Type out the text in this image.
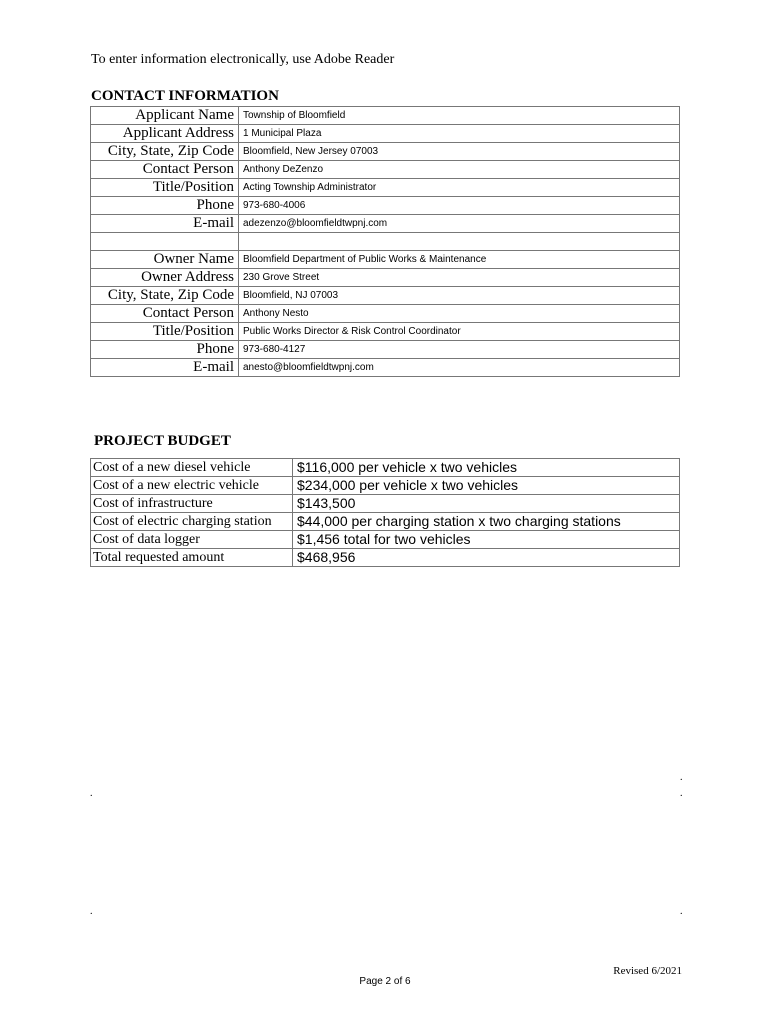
To enter information electronically, use Adobe Reader
CONTACT INFORMATION
Applicant Name	Township of Bloomfield
Applicant Address	1 Municipal Plaza
City, State, Zip Code	Bloomfield, New Jersey 07003
Contact Person	Anthony DeZenzo
Title/Position	Acting Township Administrator
Phone	973-680-4006
E-mail	adezenzo@bloomfieldtwpnj.com

Owner Name	Bloomfield Department of Public Works & Maintenance
Owner Address	230 Grove Street
City, State, Zip Code	Bloomfield, NJ 07003
Contact Person	Anthony Nesto
Title/Position	Public Works Director & Risk Control Coordinator
Phone	973-680-4127
E-mail	anesto@bloomfieldtwpnj.com
PROJECT BUDGET
Cost of a new diesel vehicle	$116,000 per vehicle x two vehicles
Cost of a new electric vehicle	$234,000 per vehicle x two vehicles
Cost of infrastructure	$143,500
Cost of electric charging station	$44,000 per charging station x two charging stations
Cost of data logger	$1,456 total for two vehicles
Total requested amount	$468,956
.
.	.
.	.
Revised 6/2021
Page 2 of 6
